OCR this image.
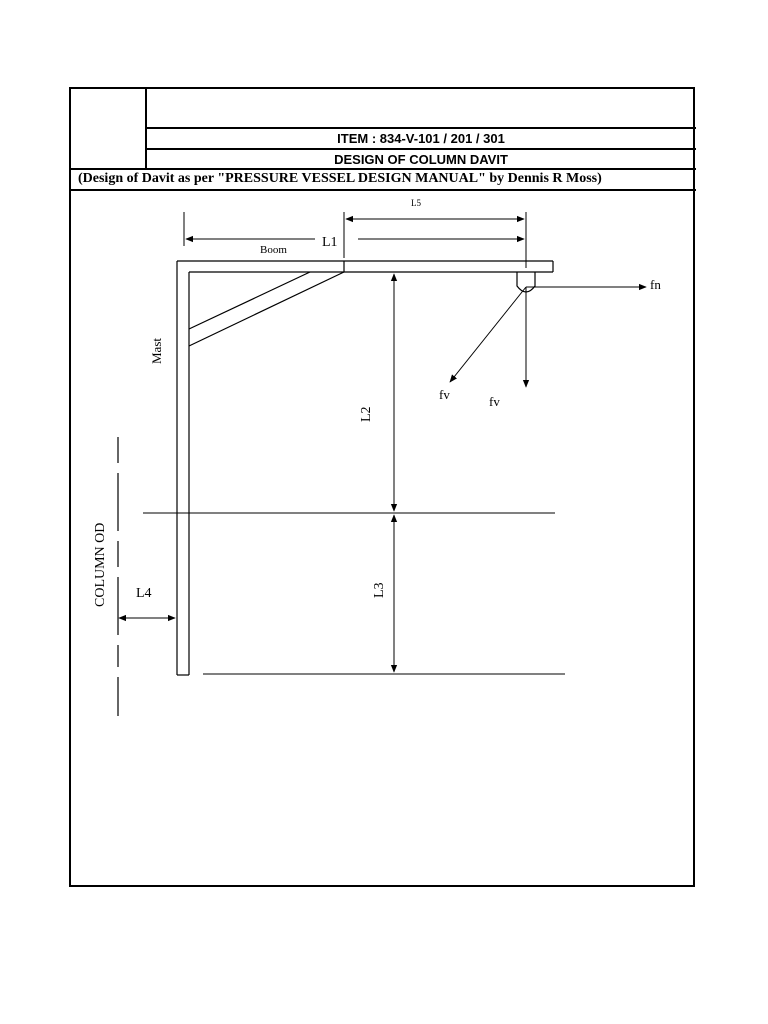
ITEM : 834-V-101 / 201 / 301
DESIGN OF COLUMN DAVIT
(Design of Davit as per "PRESSURE VESSEL DESIGN MANUAL" by Dennis R Moss)
Boom
Mast
L1
L5
L2
L3
L4
fn
fv	fv
COLUMN OD
